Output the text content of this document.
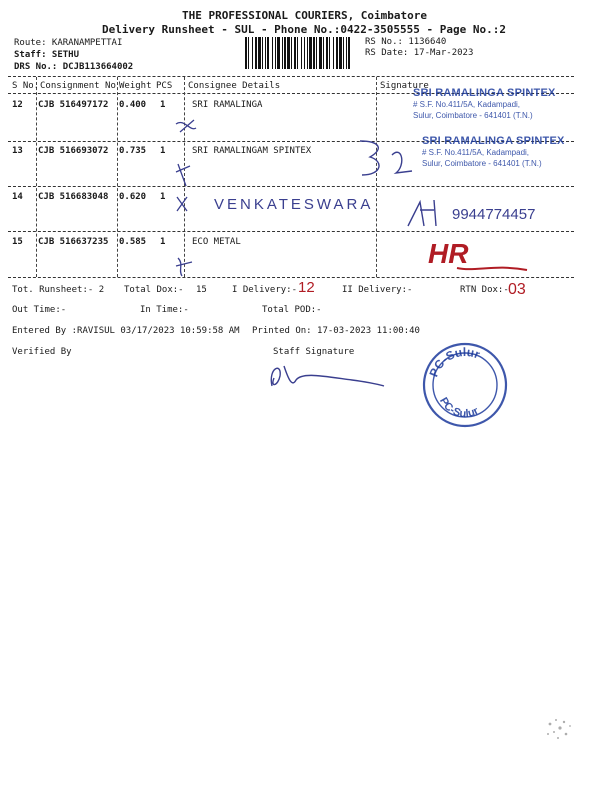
THE PROFESSIONAL COURIERS, Coimbatore
Delivery Runsheet - SUL - Phone No.:0422-3505555 - Page No.:2
Route: KARANAMPETTAI
Staff: SETHU
DRS No.: DCJB113664002
RS No.: 1136640
RS Date: 17-Mar-2023
S No. Consignment No Weight PCS Consignee Details	Signature
12 CJB 516497172 0.400 1	SRI RAMALINGA
13 CJB 516693072 0.735 1	SRI RAMALINGAM SPINTEX
14 CJB 516683048 0.620 1
15 CJB 516637235 0.585 1	ECO METAL
SRI RAMALINGA SPINTEX
# S.F. No.411/5A, Kadampadi,
Sulur, Coimbatore - 641401 (T.N.)
SRI RAMALINGA SPINTEX
# S.F. No.411/5A, Kadampadi,
Sulur, Coimbatore - 641401 (T.N.)
VENKATESWARA
9944774457
HR
Tot. Runsheet:- 2 Total Dox:- 15	I Delivery:- 12	II Delivery:-	RTN Dox:- 03
Out Time:-	In Time:-	Total POD:-
Entered By :RAVISUL 03/17/2023 10:59:58 AM Printed On: 17-03-2023 11:00:40
Verified By	Staff Signature
PC-Sulur
PC-Sulur
